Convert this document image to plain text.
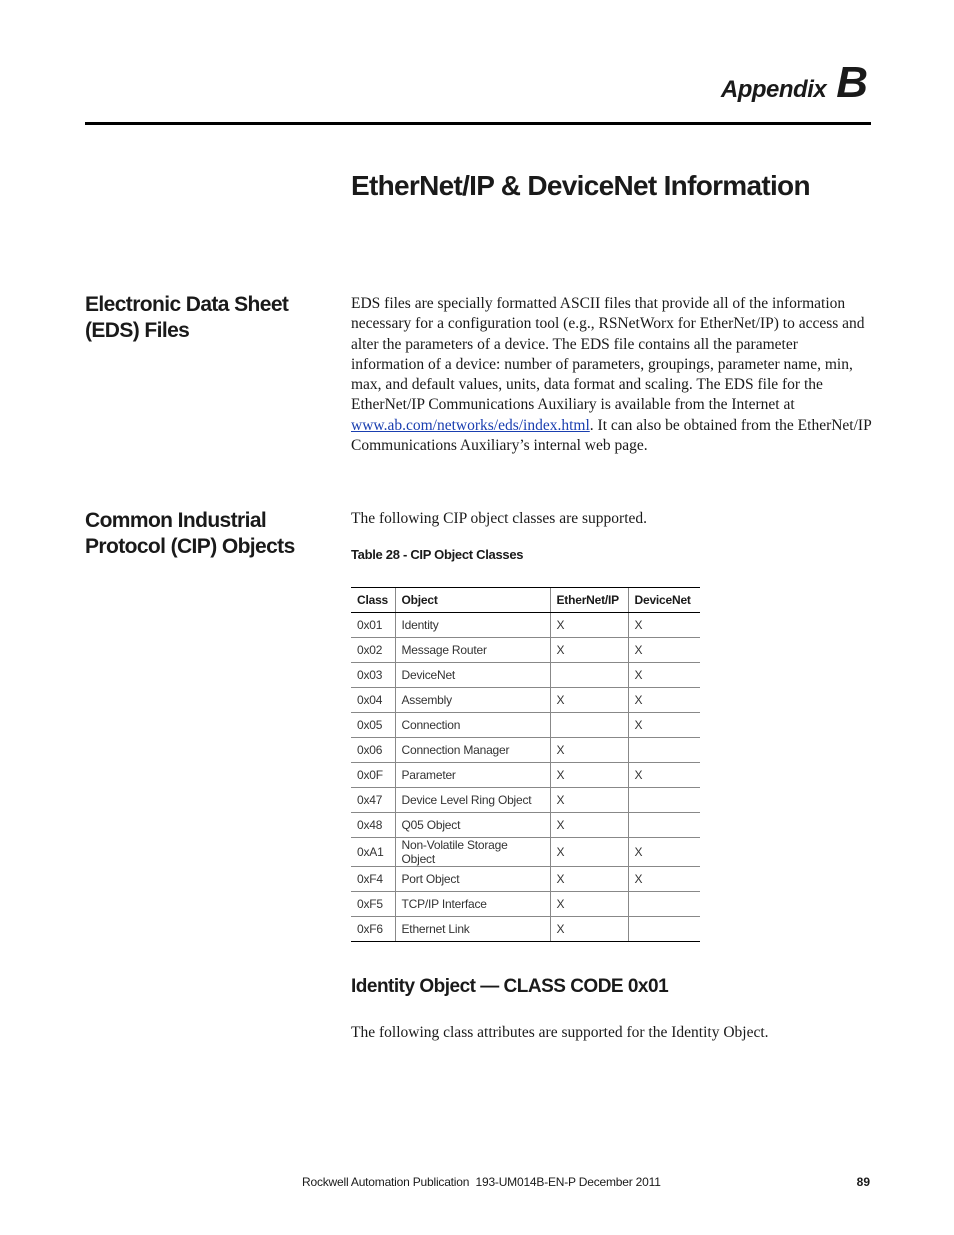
Appendix B
EtherNet/IP & DeviceNet Information
Electronic Data Sheet (EDS) Files

EDS files are specially formatted ASCII files that provide all of the information necessary for a configuration tool (e.g., RSNetWorx for EtherNet/IP) to access and alter the parameters of a device. The EDS file contains all the parameter information of a device: number of parameters, groupings, parameter name, min, max, and default values, units, data format and scaling. The EDS file for the EtherNet/IP Communications Auxiliary is available from the Internet at www.ab.com/networks/eds/index.html. It can also be obtained from the EtherNet/IP Communications Auxiliary’s internal web page.

Common Industrial Protocol (CIP) Objects

The following CIP object classes are supported.

Table 28 - CIP Object Classes

Class	Object	EtherNet/IP	DeviceNet
0x01	Identity	X	X
0x02	Message Router	X	X
0x03	DeviceNet		X
0x04	Assembly	X	X
0x05	Connection		X
0x06	Connection Manager	X	
0x0F	Parameter	X	X
0x47	Device Level Ring Object	X	
0x48	Q05 Object	X	
0xA1	Non-Volatile Storage Object	X	X
0xF4	Port Object	X	X
0xF5	TCP/IP Interface	X	
0xF6	Ethernet Link	X	
Identity Object — CLASS CODE 0x01

The following class attributes are supported for the Identity Object.

Rockwell Automation Publication  193-UM014B-EN-P December 2011	89
